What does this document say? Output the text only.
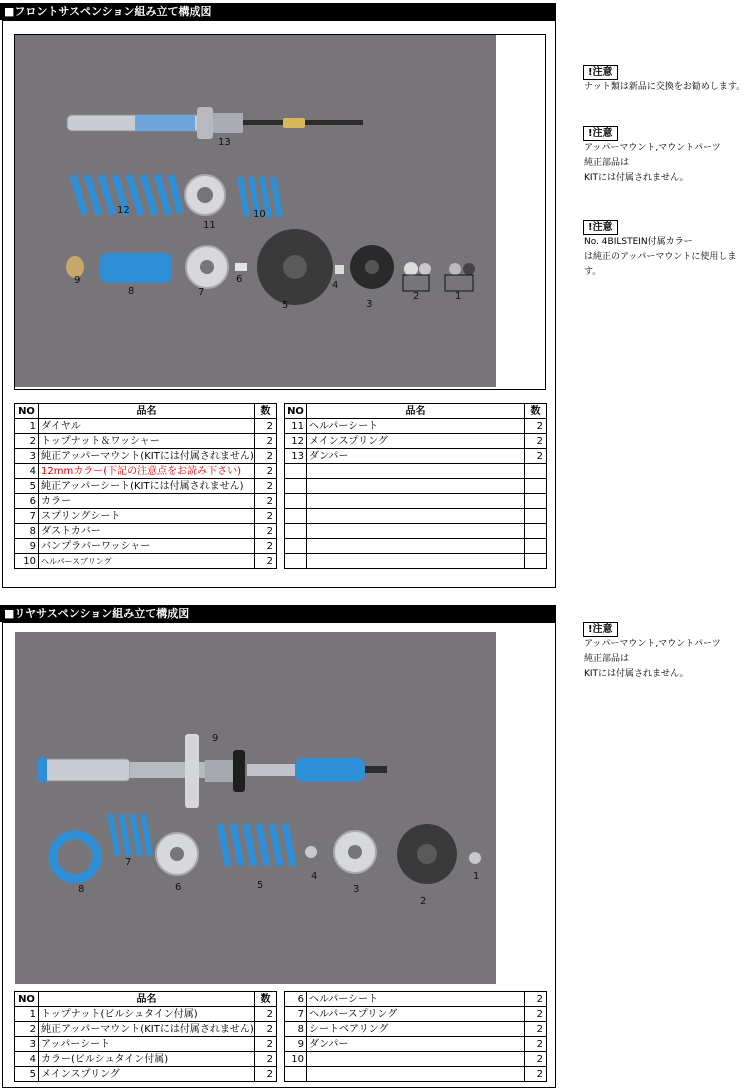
■フロントサスペンション組み立て構成図
1
2
3
4
5
6
7
8
9
10
11
12
13
NO	品名	数
1	ダイヤル	2
2	トップナット＆ワッシャー	2
3	純正アッパーマウント(KITには付属されません)	2
4	12mmカラー(下記の注意点をお読み下さい)	2
5	純正アッパーシート(KITには付属されません)	2
6	カラー	2
7	スプリングシート	2
8	ダストカバー	2
9	バンプラバーワッシャー	2
10	ヘルパースプリング	2
NO	品名	数
11	ヘルパーシート	2
12	メインスプリング	2
13	ダンパー	2

!注意
ナット類は新品に交換をお勧めします。
!注意
アッパーマウント,マウントパーツ
純正部品は
KITには付属されません。
!注意
No. 4BILSTEIN付属カラー
は純正のアッパーマウントに使用します。
■リヤサスペンション組み立て構成図
1
2
3
4
5
6
7
8
9
NO	品名	数
1	トップナット(ビルシュタイン付属)	2
2	純正アッパーマウント(KITには付属されません)	2
3	アッパーシート	2
4	カラー(ビルシュタイン付属)	2
5	メインスプリング	2
6	ヘルパーシート	2
7	ヘルパースプリング	2
8	シートベアリング	2
9	ダンパー	2
10		2
		2
!注意
アッパーマウント,マウントパーツ
純正部品は
KITには付属されません。
